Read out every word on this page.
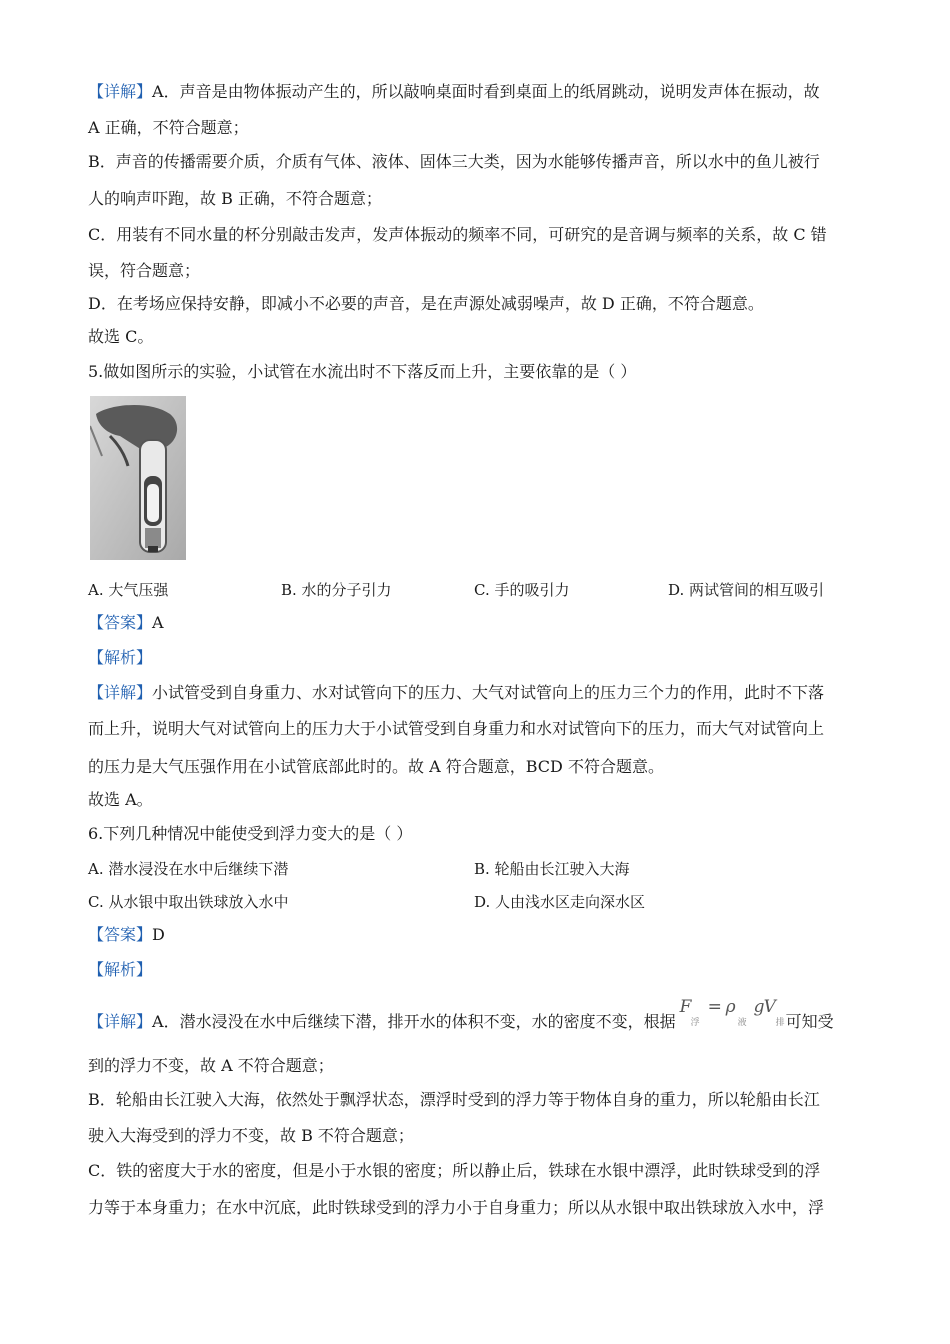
【详解】A．声音是由物体振动产生的，所以敲响桌面时看到桌面上的纸屑跳动，说明发声体在振动，故
A 正确，不符合题意；
B．声音的传播需要介质，介质有气体、液体、固体三大类，因为水能够传播声音，所以水中的鱼儿被行
人的响声吓跑，故 B 正确，不符合题意；
C．用装有不同水量的杯分别敲击发声，发声体振动的频率不同，可研究的是音调与频率的关系，故 C 错
误，符合题意；
D．在考场应保持安静，即减小不必要的声音，是在声源处减弱噪声，故 D 正确，不符合题意。
故选 C。
5.做如图所示的实验，小试管在水流出时不下落反而上升，主要依靠的是（ ）
A. 大气压强	B. 水的分子引力	C. 手的吸引力	D. 两试管间的相互吸引
【答案】A
【解析】
【详解】小试管受到自身重力、水对试管向下的压力、大气对试管向上的压力三个力的作用，此时不下落
而上升，说明大气对试管向上的压力大于小试管受到自身重力和水对试管向下的压力，而大气对试管向上
的压力是大气压强作用在小试管底部此时的。故 A 符合题意，BCD 不符合题意。
故选 A。
6.下列几种情况中能使受到浮力变大的是（ ）
A. 潜水浸没在水中后继续下潜	B. 轮船由长江驶入大海
C. 从水银中取出铁球放入水中	D. 人由浅水区走向深水区
【答案】D
【解析】
【详解】A．潜水浸没在水中后继续下潜，排开水的体积不变，水的密度不变，根据
F
浮
= ρ
液
g V
排 可知受
到的浮力不变，故 A 不符合题意；
B．轮船由长江驶入大海，依然处于飘浮状态，漂浮时受到的浮力等于物体自身的重力，所以轮船由长江
驶入大海受到的浮力不变，故 B 不符合题意；
C．铁的密度大于水的密度，但是小于水银的密度；所以静止后，铁球在水银中漂浮，此时铁球受到的浮
力等于本身重力；在水中沉底，此时铁球受到的浮力小于自身重力；所以从水银中取出铁球放入水中，浮
